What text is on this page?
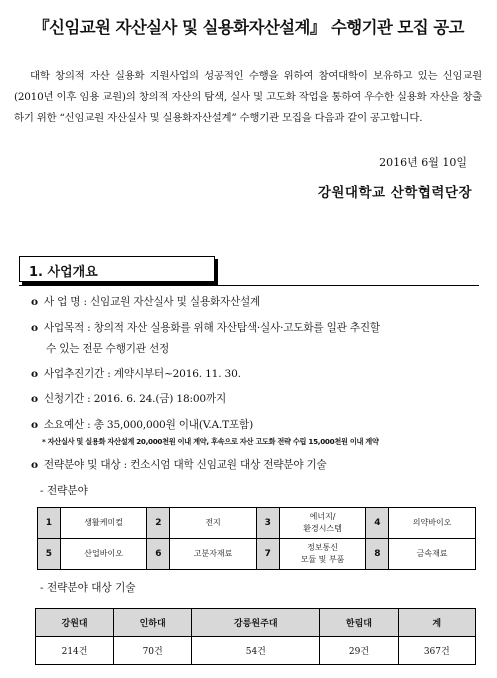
『신임교원 자산실사 및 실용화자산설계』 수행기관 모집 공고

대학 창의적 자산 실용화 지원사업의 성공적인 수행을 위하여 참여대학이 보유하고 있는 신임교원(2010년 이후 임용 교원)의 창의적 자산의 탐색, 실사 및 고도화 작업을 통하여 우수한 실용화 자산을 창출하기 위한 “신임교원 자산실사 및 실용화자산설계” 수행기관 모집을 다음과 같이 공고합니다.

2016년 6월 10일
강원대학교 산학협력단장
1. 사업개요
o 사 업 명 : 신임교원 자산실사 및 실용화자산설계
o 사업목적 : 창의적 자산 실용화를 위해 자산탐색·실사·고도화를 일관 추진할
수 있는 전문 수행기관 선정
o 사업추진기간 : 계약시부터~2016. 11. 30.
o 신청기간 : 2016. 6. 24.(금) 18:00까지
o 소요예산 : 총 35,000,000원 이내(V.A.T포함)
* 자산실사 및 실용화 자산설계 20,000천원 이내 계약, 후속으로 자산 고도화 전략 수립 15,000천원 이내 계약
o 전략분야 및 대상 : 컨소시엄 대학 신임교원 대상 전략분야 기술
- 전략분야
1	생활케미컬	2	전지	3	에너지/
환경시스템	4	의약바이오
5	산업바이오	6	고분자재료	7	정보통신
모듈 및 부품	8	금속재료
- 전략분야 대상 기술
강원대	인하대	강릉원주대	한림대	계
214건	70건	54건	29건	367건
